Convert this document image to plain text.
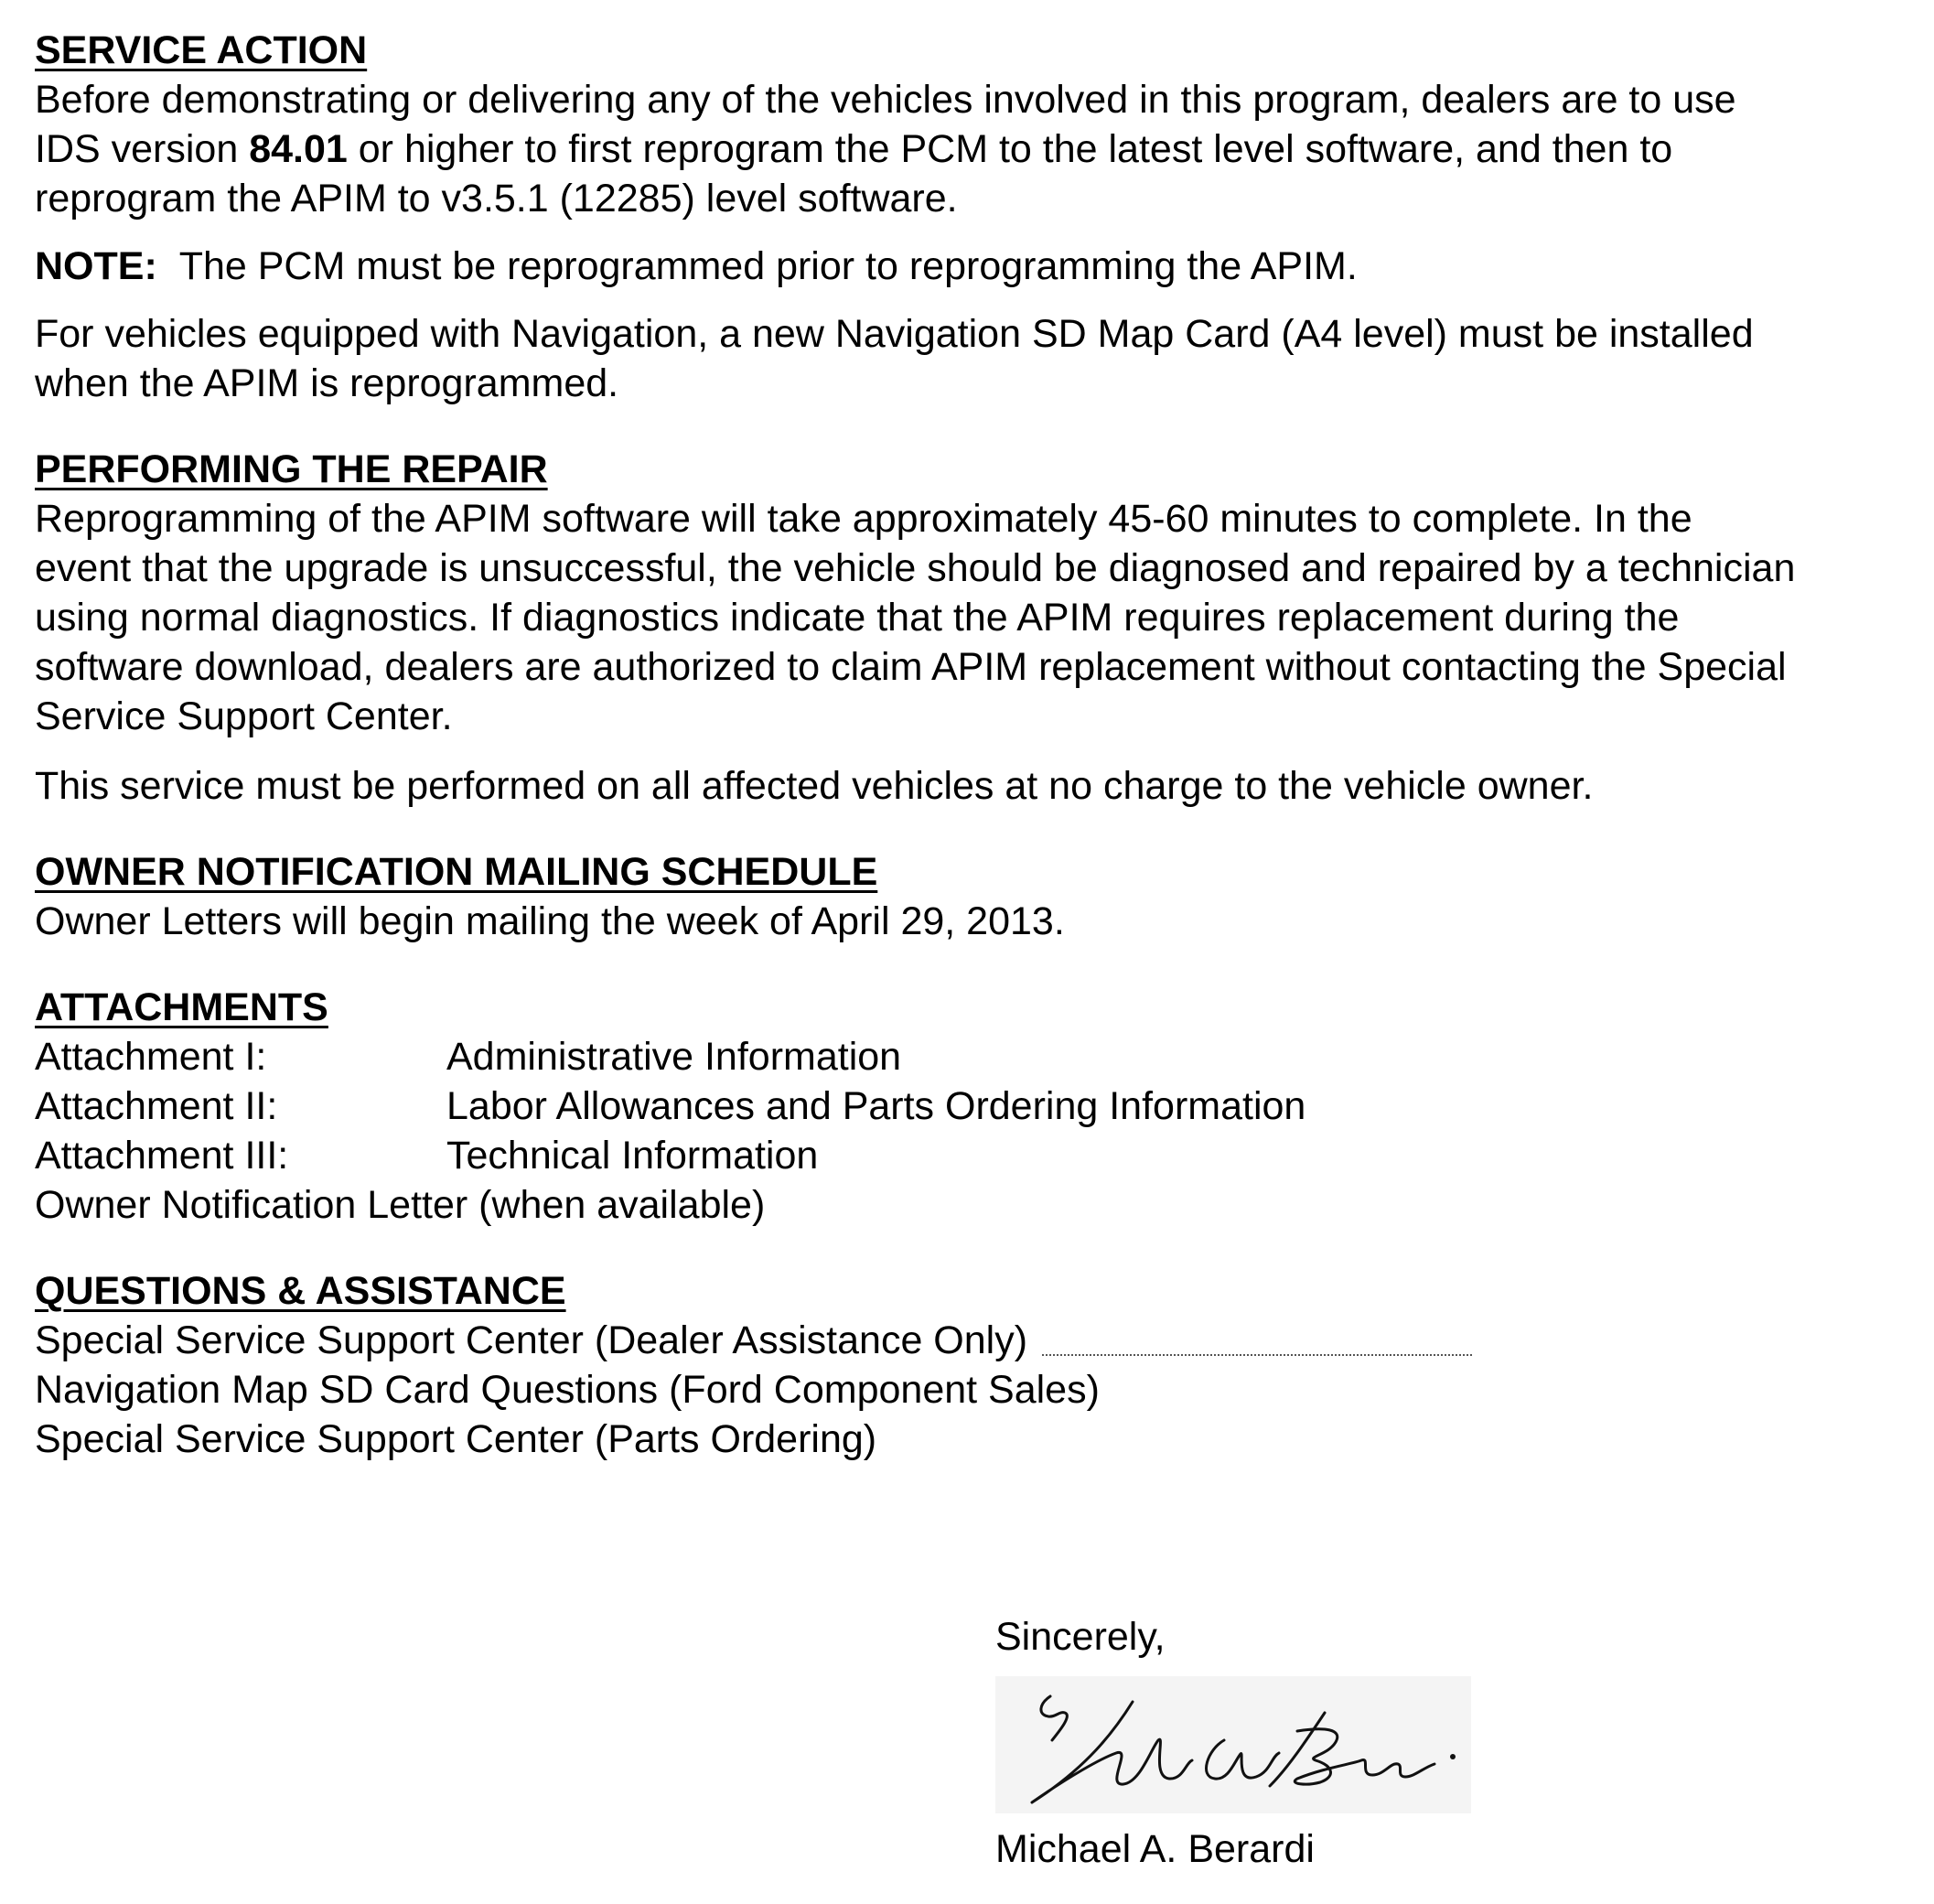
SERVICE ACTION
Before demonstrating or delivering any of the vehicles involved in this program, dealers are to use
IDS version 84.01 or higher to first reprogram the PCM to the latest level software, and then to
reprogram the APIM to v3.5.1 (12285) level software.
NOTE: The PCM must be reprogrammed prior to reprogramming the APIM.
For vehicles equipped with Navigation, a new Navigation SD Map Card (A4 level) must be installed
when the APIM is reprogrammed.
PERFORMING THE REPAIR
Reprogramming of the APIM software will take approximately 45-60 minutes to complete. In the
event that the upgrade is unsuccessful, the vehicle should be diagnosed and repaired by a technician
using normal diagnostics. If diagnostics indicate that the APIM requires replacement during the
software download, dealers are authorized to claim APIM replacement without contacting the Special
Service Support Center.
This service must be performed on all affected vehicles at no charge to the vehicle owner.
OWNER NOTIFICATION MAILING SCHEDULE
Owner Letters will begin mailing the week of April 29, 2013.
ATTACHMENTS
Attachment I:	Administrative Information
Attachment II:	Labor Allowances and Parts Ordering Information
Attachment III:	Technical Information
Owner Notification Letter (when available)
QUESTIONS & ASSISTANCE
Special Service Support Center (Dealer Assistance Only)
Navigation Map SD Card Questions (Ford Component Sales)
Special Service Support Center (Parts Ordering)
Sincerely,
Michael A. Berardi
